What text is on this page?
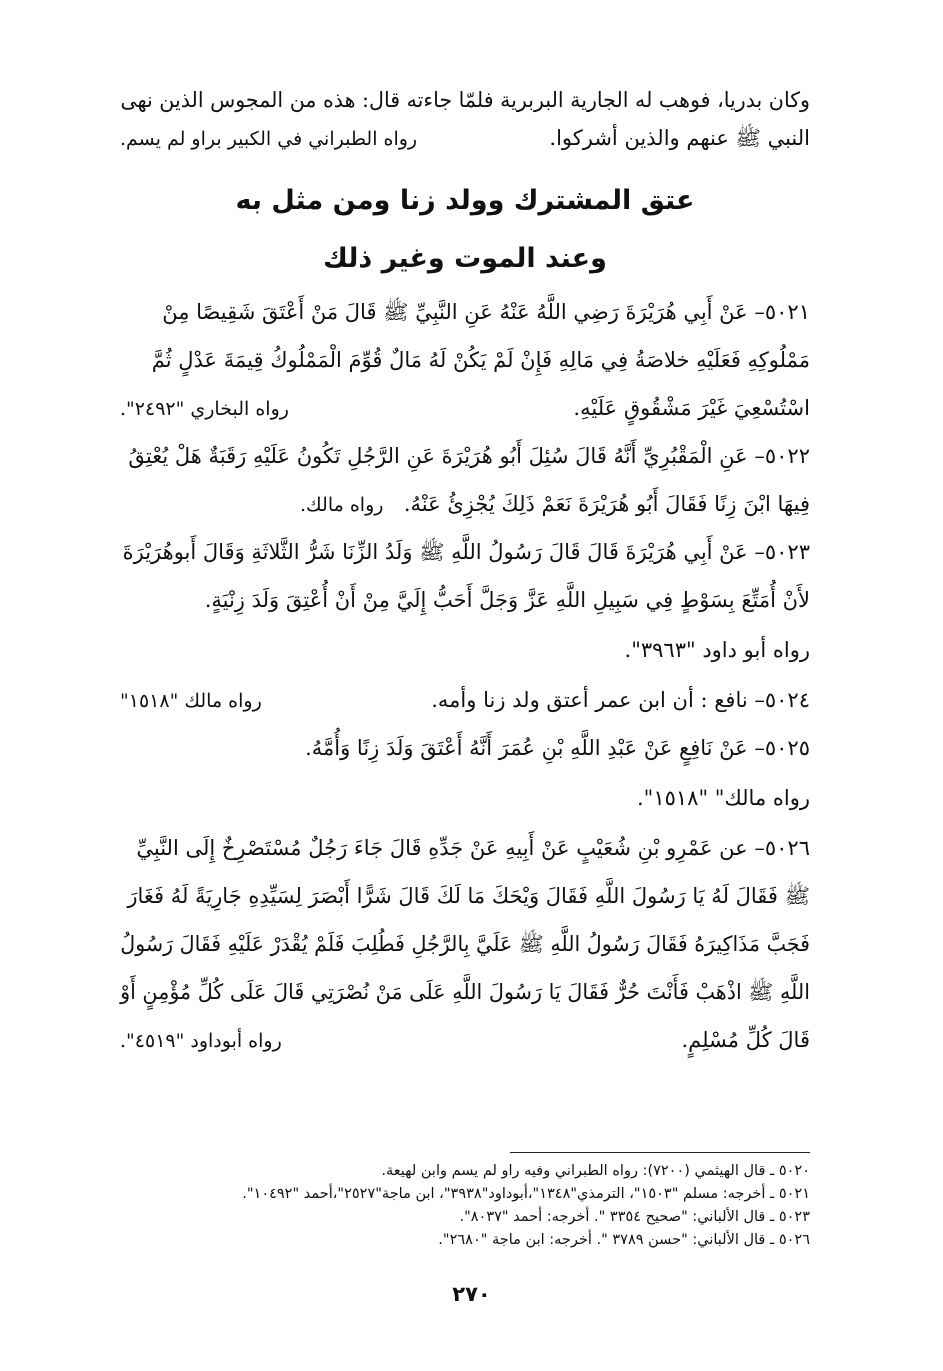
وكان بدريا، فوهب له الجارية البربرية فلمّا جاءته قال: هذه من المجوس الذين نهى
النبي ﷺ عنهم والذين أشركوا.
رواه الطبراني في الكبير براو لم يسم.
عتق المشترك وولد زنا ومن مثل به
وعند الموت وغير ذلك
٥٠٢١– عَنْ أَبِي هُرَيْرَةَ رَضِي اللَّهُ عَنْهُ عَنِ النَّبِيِّ ﷺ قَالَ مَنْ أَعْتَقَ شَقِيصًا مِنْ
مَمْلُوكِهِ فَعَلَيْهِ خلاصَةُ فِي مَالِهِ فَإِنْ لَمْ يَكُنْ لَهُ مَالٌ قُوِّمَ الْمَمْلُوكُ قِيمَةَ عَدْلٍ ثُمَّ
اسْتُسْعِيَ غَيْرَ مَشْقُوقٍ عَلَيْهِ.
رواه البخاري "٢٤٩٢".
٥٠٢٢– عَنِ الْمَقْبُرِيِّ أَنَّهُ قَالَ سُئِلَ أَبُو هُرَيْرَةَ عَنِ الرَّجُلِ تَكُونُ عَلَيْهِ رَقَبَةٌ هَلْ يُعْتِقُ
فِيهَا ابْنَ زِنًا فَقَالَ أَبُو هُرَيْرَةَ نَعَمْ ذَلِكَ يُجْزِئُ عَنْهُ.
رواه مالك.
٥٠٢٣– عَنْ أَبِي هُرَيْرَةَ قَالَ قَالَ رَسُولُ اللَّهِ ﷺ وَلَدُ الزِّنَا شَرُّ الثَّلاثَةِ وَقَالَ أَبوهُرَيْرَةَ
لأَنْ أُمَتِّعَ بِسَوْطٍ فِي سَبِيلِ اللَّهِ عَزَّ وَجَلَّ أَحَبُّ إِلَيَّ مِنْ أَنْ أُعْتِقَ وَلَدَ زِنْيَةٍ.
رواه أبو داود "٣٩٦٣".
٥٠٢٤– نافع : أن ابن عمر أعتق ولد زنا وأمه.
رواه مالك "١٥١٨"
٥٠٢٥– عَنْ نَافِعٍ عَنْ عَبْدِ اللَّهِ بْنِ عُمَرَ أَنَّهُ أَعْتَقَ وَلَدَ زِنًا وَأُمَّهُ.
رواه مالك" "١٥١٨".
٥٠٢٦– عن عَمْرِو بْنِ شُعَيْبٍ عَنْ أَبِيهِ عَنْ جَدِّهِ قَالَ جَاءَ رَجُلٌ مُسْتَصْرِخٌ إِلَى النَّبِيِّ
ﷺ فَقَالَ لَهُ يَا رَسُولَ اللَّهِ فَقَالَ وَيْحَكَ مَا لَكَ قَالَ شَرًّا أَبْصَرَ لِسَيِّدِهِ جَارِيَةً لَهُ فَغَارَ
فَجَبَّ مَذَاكِيرَهُ فَقَالَ رَسُولُ اللَّهِ ﷺ عَلَيَّ بِالرَّجُلِ فَطُلِبَ فَلَمْ يُقْدَرْ عَلَيْهِ فَقَالَ رَسُولُ
اللَّهِ ﷺ اذْهَبْ فَأَنْتَ حُرٌّ فَقَالَ يَا رَسُولَ اللَّهِ عَلَى مَنْ نُصْرَتِي قَالَ عَلَى كُلِّ مُؤْمِنٍ أَوْ
قَالَ كُلِّ مُسْلِمٍ.
رواه أبوداود "٤٥١٩".
٥٠٢٠ ـ قال الهيثمي (٧٢٠٠): رواه الطبراني وفيه راو لم يسم وابن لهيعة.
٥٠٢١ ـ أخرجه: مسلم "١٥٠٣"، الترمذي"١٣٤٨"،أبوداود"٣٩٣٨"، ابن ماجة"٢٥٢٧"،أحمد "١٠٤٩٢".
٥٠٢٣ ـ قال الألباني: "صحيح ٣٣٥٤ ". أخرجه: أحمد "٨٠٣٧".
٥٠٢٦ ـ قال الألباني: "حسن ٣٧٨٩ ". أخرجه: ابن ماجة "٢٦٨٠".
٢٧٠
